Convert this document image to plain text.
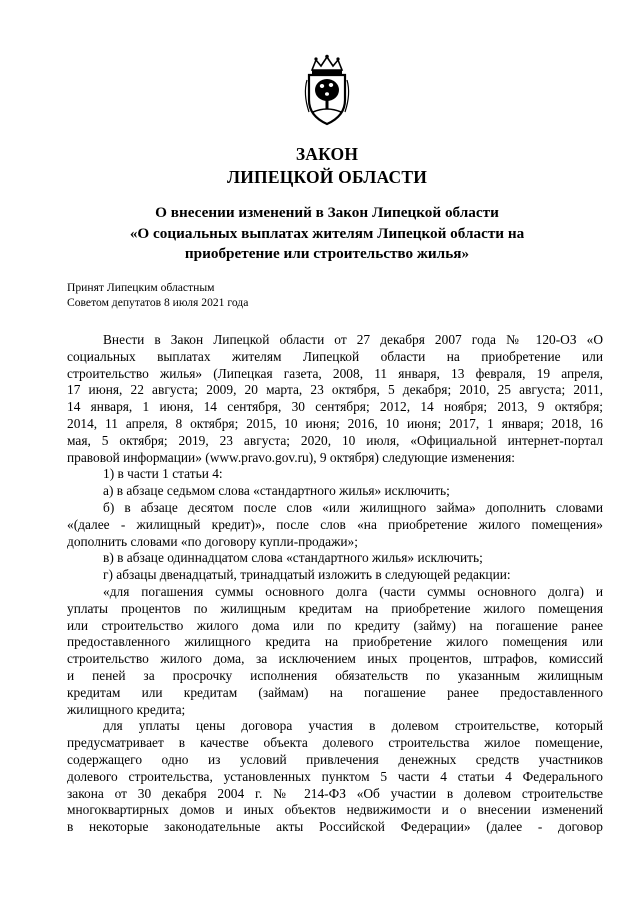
ЗАКОН
ЛИПЕЦКОЙ ОБЛАСТИ
О внесении изменений в Закон Липецкой области
«О социальных выплатах жителям Липецкой области на
приобретение или строительство жилья»
Принят Липецким областным
Советом депутатов 8 июля 2021 года

Внести в Закон Липецкой области от 27 декабря 2007 года № 120-ОЗ «О

социальных выплатах жителям Липецкой области на приобретение или

строительство жилья» (Липецкая газета, 2008, 11 января, 13 февраля, 19 апреля,

17 июня, 22 августа; 2009, 20 марта, 23 октября, 5 декабря; 2010, 25 августа; 2011,

14 января, 1 июня, 14 сентября, 30 сентября; 2012, 14 ноября; 2013, 9 октября;

2014, 11 апреля, 8 октября; 2015, 10 июня; 2016, 10 июня; 2017, 1 января; 2018, 16

мая, 5 октября; 2019, 23 августа; 2020, 10 июля, «Официальной интернет-портал

правовой информации» (www.pravo.gov.ru), 9 октября) следующие изменения:

1) в части 1 статьи 4:

а) в абзаце седьмом слова «стандартного жилья» исключить;

б) в абзаце десятом после слов «или жилищного займа» дополнить словами

«(далее - жилищный кредит)», после слов «на приобретение жилого помещения»

дополнить словами «по договору купли-продажи»;

в) в абзаце одиннадцатом слова «стандартного жилья» исключить;

г) абзацы двенадцатый, тринадцатый изложить в следующей редакции:

«для погашения суммы основного долга (части суммы основного долга) и

уплаты процентов по жилищным кредитам на приобретение жилого помещения

или строительство жилого дома или по кредиту (займу) на погашение ранее

предоставленного жилищного кредита на приобретение жилого помещения или

строительство жилого дома, за исключением иных процентов, штрафов, комиссий

и пеней за просрочку исполнения обязательств по указанным жилищным

кредитам или кредитам (займам) на погашение ранее предоставленного

жилищного кредита;

для уплаты цены договора участия в долевом строительстве, который

предусматривает в качестве объекта долевого строительства жилое помещение,

содержащего одно из условий привлечения денежных средств участников

долевого строительства, установленных пунктом 5 части 4 статьи 4 Федерального

закона от 30 декабря 2004 г. № 214-ФЗ «Об участии в долевом строительстве

многоквартирных домов и иных объектов недвижимости и о внесении изменений

в некоторые законодательные акты Российской Федерации» (далее - договор
